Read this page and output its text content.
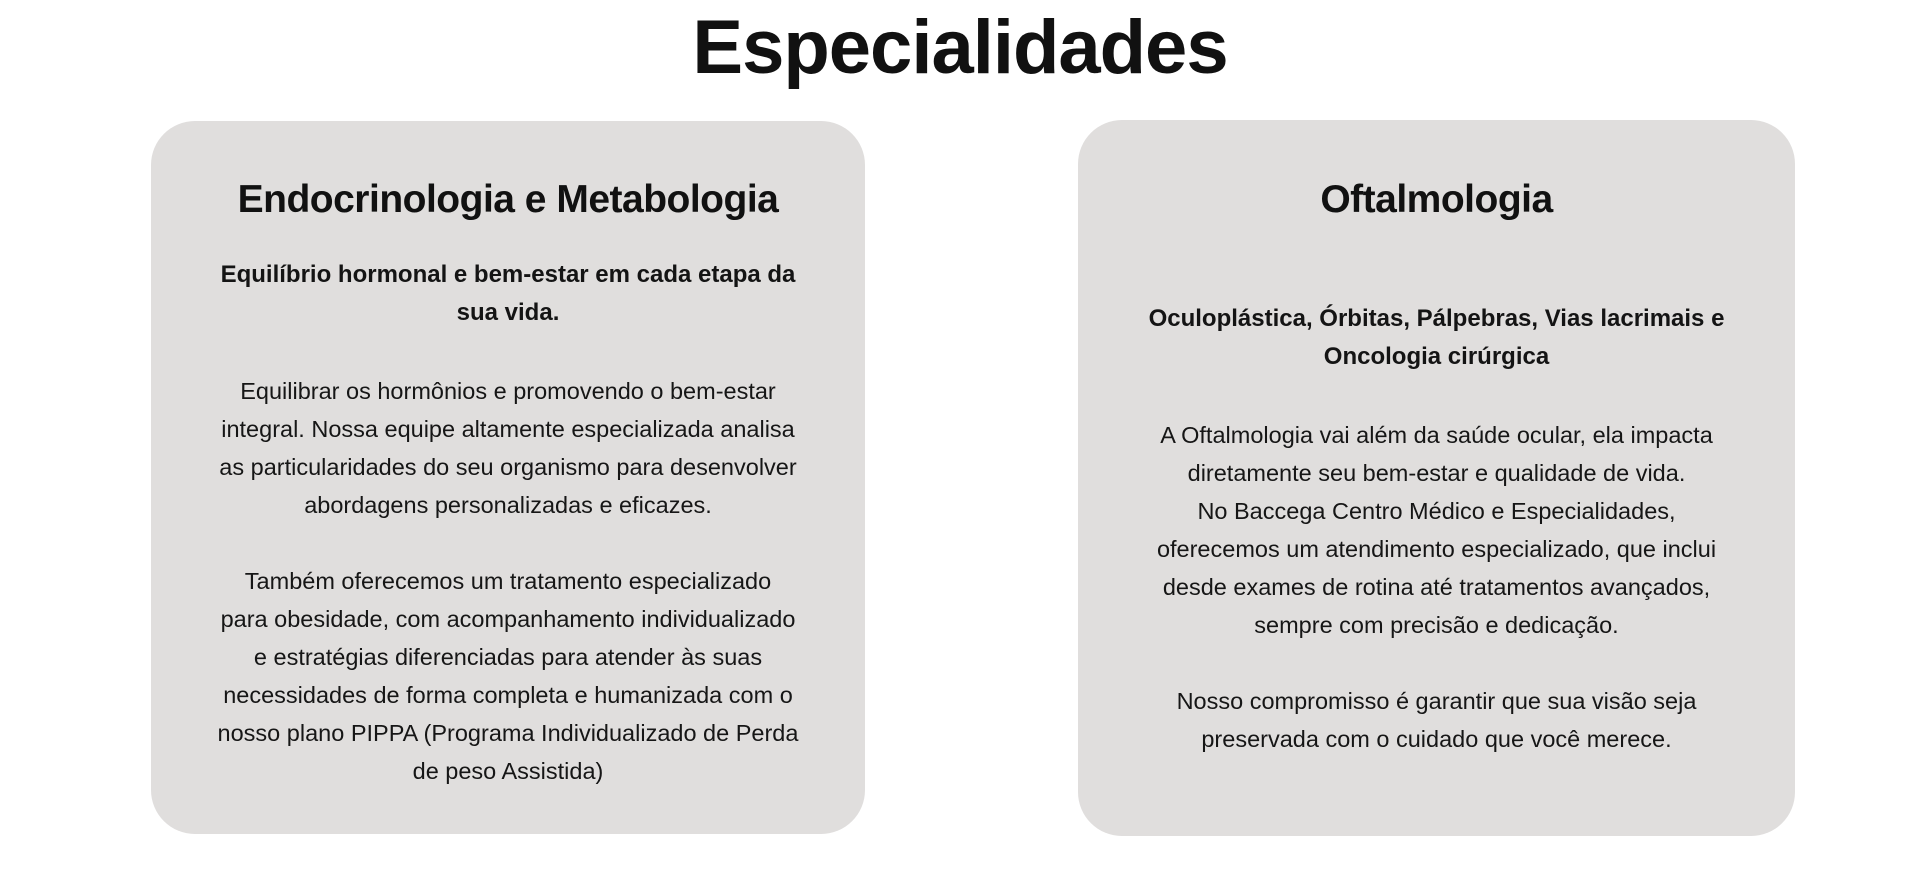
Especialidades
Endocrinologia e Metabologia

Equilíbrio hormonal e bem-estar em cada etapa da
sua vida.

Equilibrar os hormônios e promovendo o bem-estar
integral. Nossa equipe altamente especializada analisa
as particularidades do seu organismo para desenvolver
abordagens personalizadas e eficazes.

Também oferecemos um tratamento especializado
para obesidade, com acompanhamento individualizado
e estratégias diferenciadas para atender às suas
necessidades de forma completa e humanizada com o
nosso plano PIPPA (Programa Individualizado de Perda
de peso Assistida)

Oftalmologia

Oculoplástica, Órbitas, Pálpebras, Vias lacrimais e
Oncologia cirúrgica

A Oftalmologia vai além da saúde ocular, ela impacta
diretamente seu bem-estar e qualidade de vida.
No Baccega Centro Médico e Especialidades,
oferecemos um atendimento especializado, que inclui
desde exames de rotina até tratamentos avançados,
sempre com precisão e dedicação.

Nosso compromisso é garantir que sua visão seja
preservada com o cuidado que você merece.
